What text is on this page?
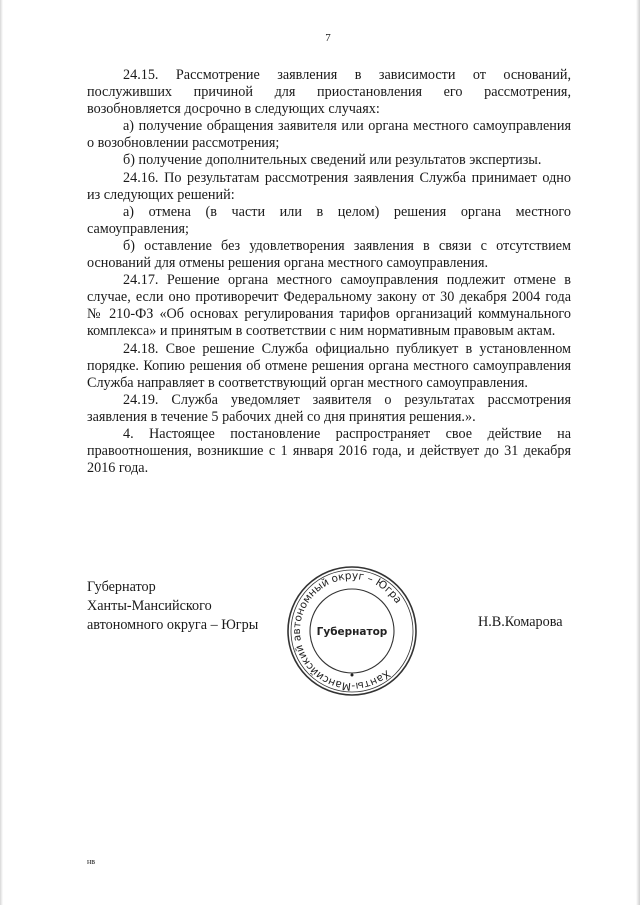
7

24.15. Рассмотрение заявления в зависимости от оснований, послуживших причиной для приостановления его рассмотрения, возобновляется досрочно в следующих случаях:

а) получение обращения заявителя или органа местного самоуправления о возобновлении рассмотрения;

б) получение дополнительных сведений или результатов экспертизы.

24.16. По результатам рассмотрения заявления Служба принимает одно из следующих решений:

а) отмена (в части или в целом) решения органа местного самоуправления;

б) оставление без удовлетворения заявления в связи с отсутствием оснований для отмены решения органа местного самоуправления.

24.17. Решение органа местного самоуправления подлежит отмене в случае, если оно противоречит Федеральному закону от 30 декабря 2004 года № 210-ФЗ «Об основах регулирования тарифов организаций коммунального комплекса» и принятым в соответствии с ним нормативным правовым актам.

24.18. Свое решение Служба официально публикует в установленном порядке. Копию решения об отмене решения органа местного самоуправления Служба направляет в соответствующий орган местного самоуправления.

24.19. Служба уведомляет заявителя о результатах рассмотрения заявления в течение 5 рабочих дней со дня принятия решения.».

4. Настоящее постановление распространяет свое действие на правоотношения, возникшие с 1 января 2016 года, и действует до 31 декабря 2016 года.

Губернатор
Ханты-Мансийского
автономного округа – Югры
Ханты-Мансийский автономный округ – Югра
Губернатор
Н.В.Комарова
нв
